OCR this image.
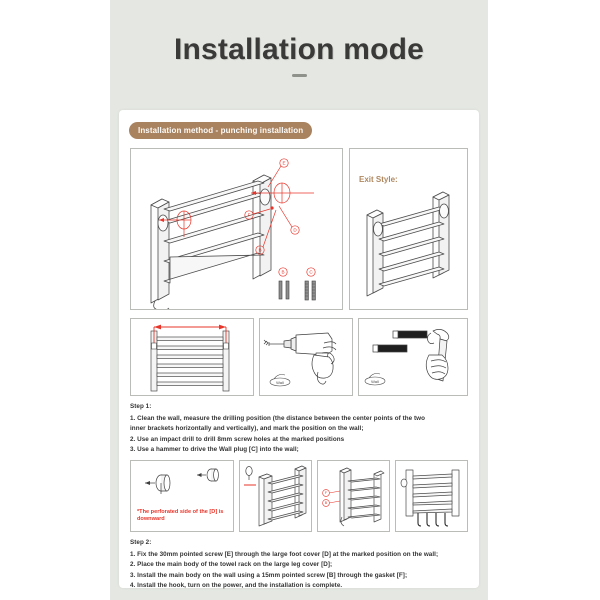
Installation mode
Installation method - punching installation
E
F
D
B
B	C
Exit Style:
Wall	Wall
Step 1:
1. Clean the wall, measure the drilling position (the distance between the center points of the two
inner brackets horizontally and vertically), and mark the position on the wall;
2. Use an impact drill to drill 8mm screw holes at the marked positions
3. Use a hammer to drive the Wall plug [C] into the wall;
*The perforated side of the [D] is downward
F
B
Step 2:
1. Fix the 30mm pointed screw [E] through the large foot cover [D] at the marked position on the wall;
2. Place the main body of the towel rack on the large leg cover [D];
3. Install the main body on the wall using a 15mm pointed screw [B] through the gasket [F];
4. Install the hook, turn on the power, and the installation is complete.
